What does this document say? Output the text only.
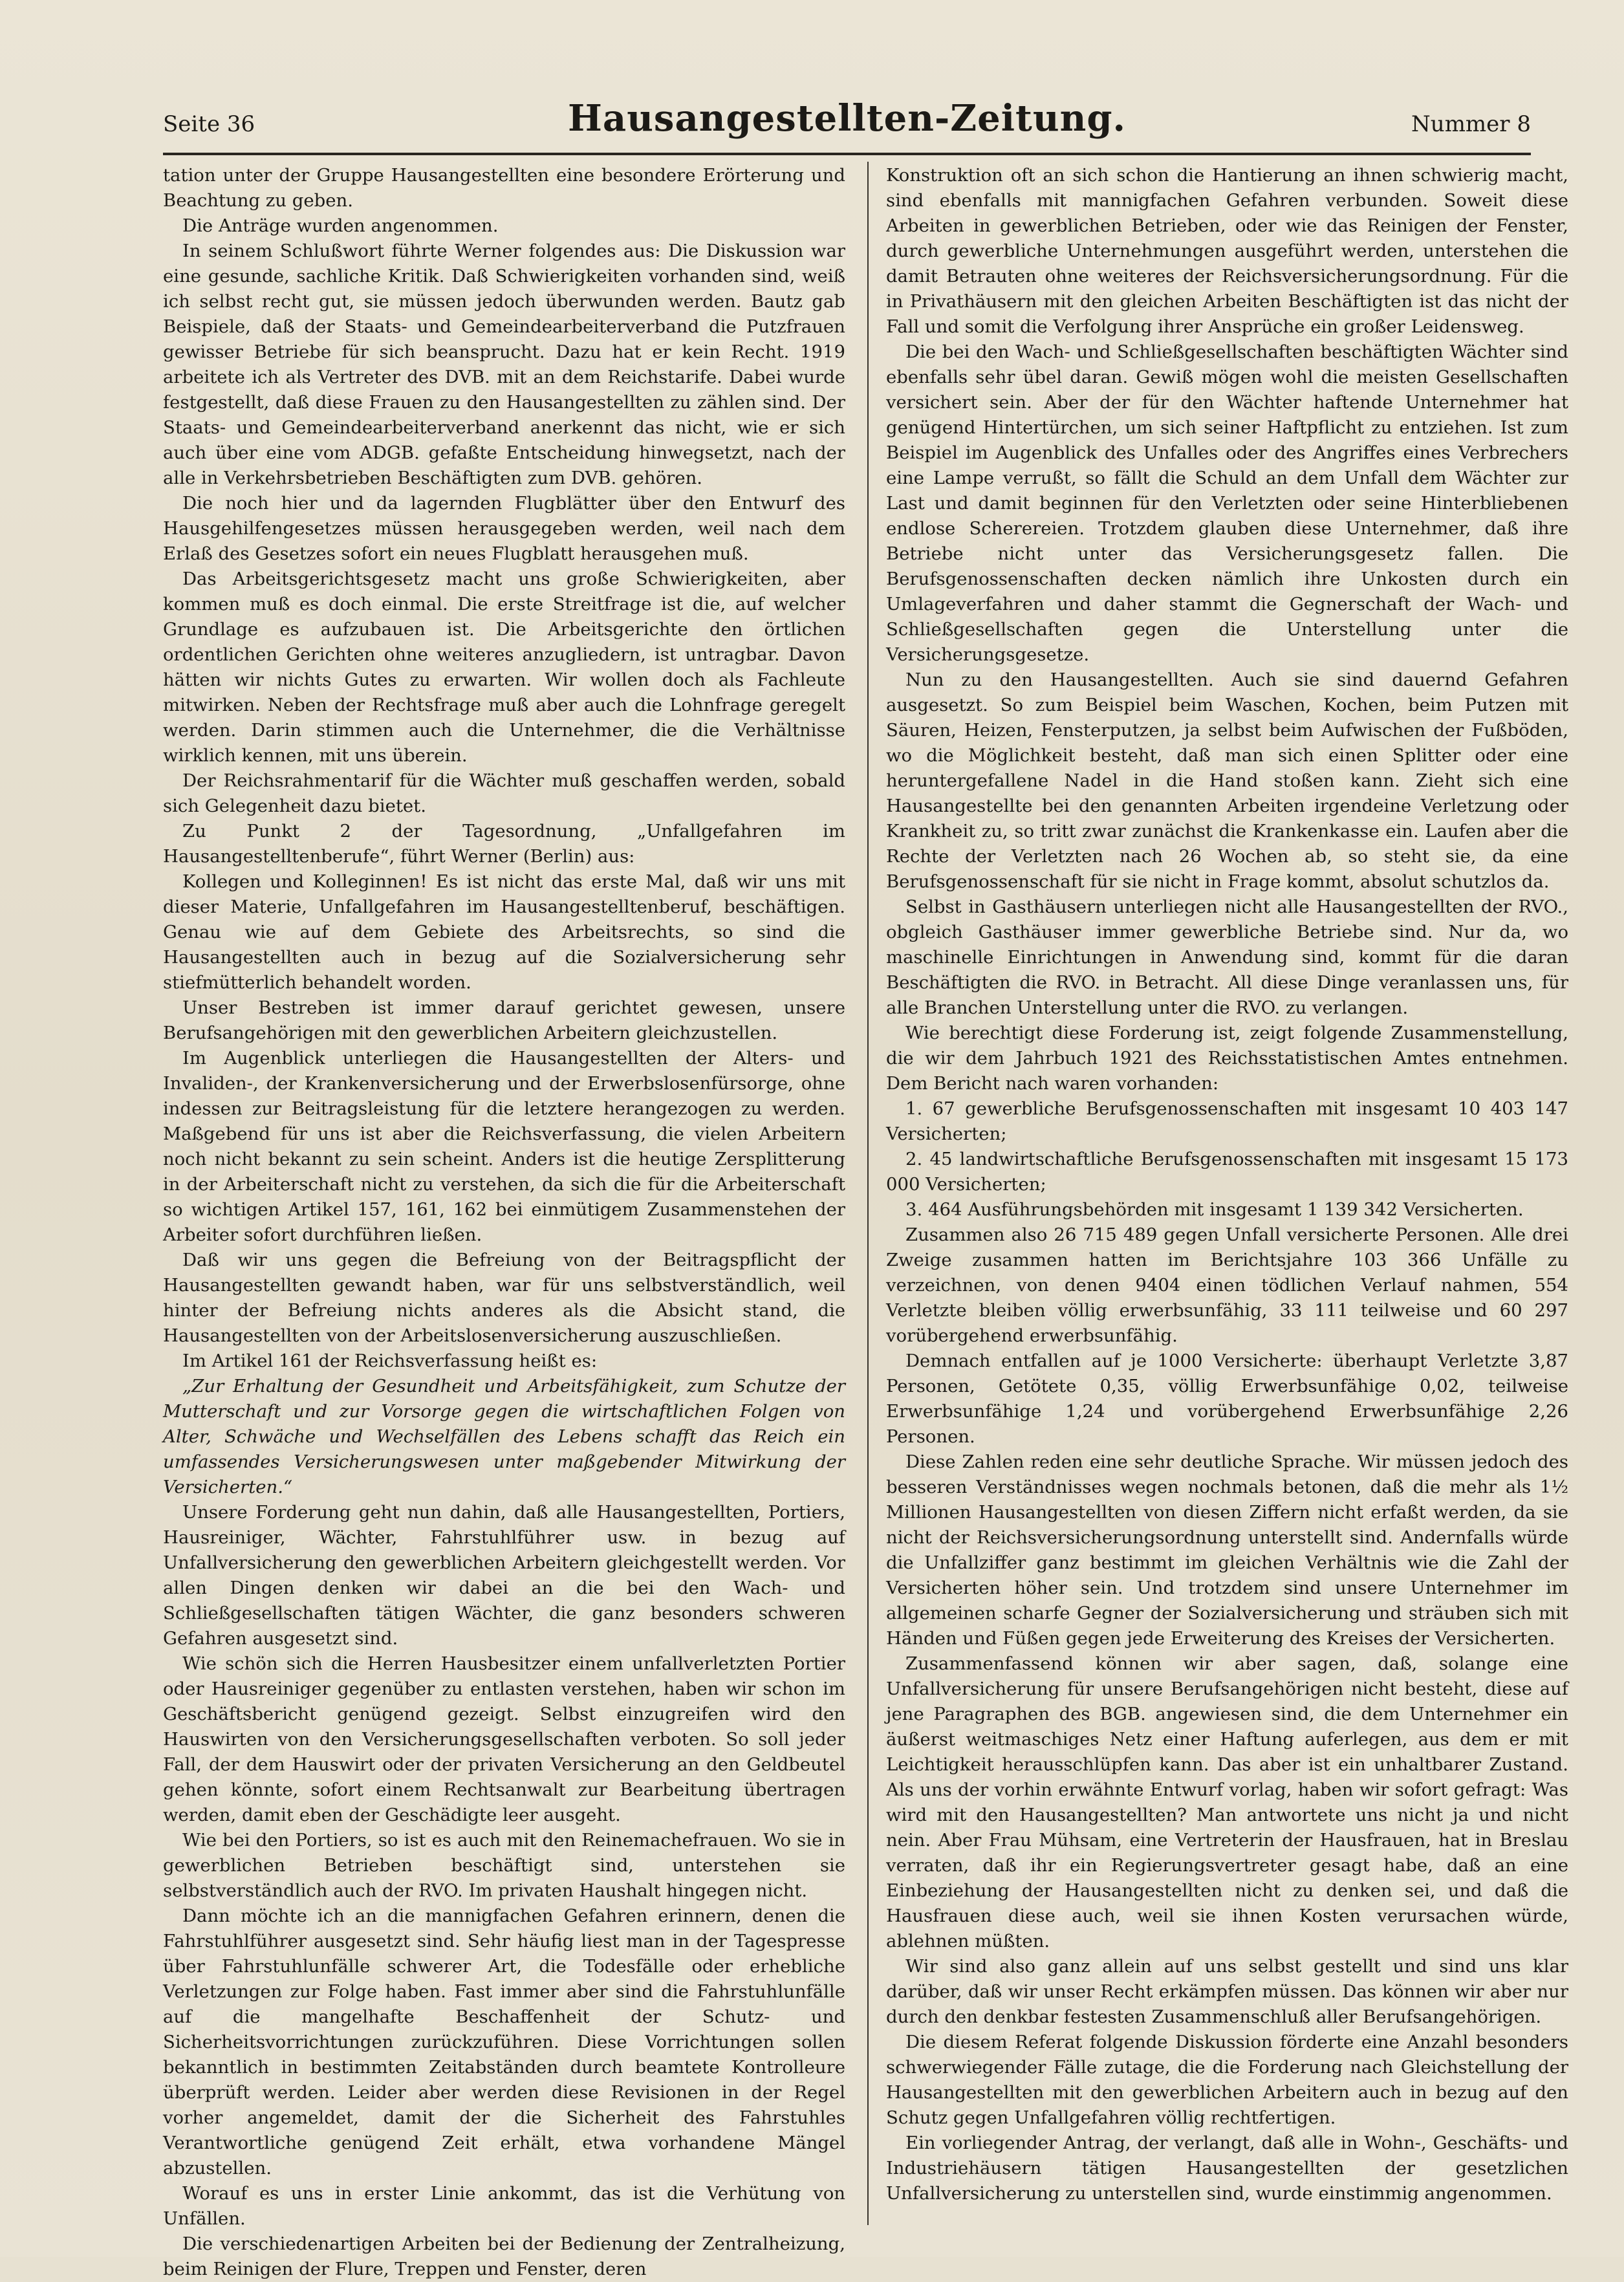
Seite 36	Hausangestellten-Zeitung.	Nummer 8

tation unter der Gruppe Hausangestellten eine besondere Erörterung und Beachtung zu geben.

Die Anträge wurden angenommen.

In seinem Schlußwort führte Werner folgendes aus: Die Diskussion war eine gesunde, sachliche Kritik. Daß Schwierigkeiten vorhanden sind, weiß ich selbst recht gut, sie müssen jedoch überwunden werden. Bautz gab Beispiele, daß der Staats- und Gemeindearbeiterverband die Putzfrauen gewisser Betriebe für sich beansprucht. Dazu hat er kein Recht. 1919 arbeitete ich als Vertreter des DVB. mit an dem Reichstarife. Dabei wurde festgestellt, daß diese Frauen zu den Hausangestellten zu zählen sind. Der Staats- und Gemeindearbeiterverband anerkennt das nicht, wie er sich auch über eine vom ADGB. gefaßte Entscheidung hinwegsetzt, nach der alle in Verkehrsbetrieben Beschäftigten zum DVB. gehören.

Die noch hier und da lagernden Flugblätter über den Entwurf des Hausgehilfengesetzes müssen herausgegeben werden, weil nach dem Erlaß des Gesetzes sofort ein neues Flugblatt herausgehen muß.

Das Arbeitsgerichtsgesetz macht uns große Schwierigkeiten, aber kommen muß es doch einmal. Die erste Streitfrage ist die, auf welcher Grundlage es aufzubauen ist. Die Arbeitsgerichte den örtlichen ordentlichen Gerichten ohne weiteres anzugliedern, ist untragbar. Davon hätten wir nichts Gutes zu erwarten. Wir wollen doch als Fachleute mitwirken. Neben der Rechtsfrage muß aber auch die Lohnfrage geregelt werden. Darin stimmen auch die Unternehmer, die die Verhältnisse wirklich kennen, mit uns überein.

Der Reichsrahmentarif für die Wächter muß geschaffen werden, sobald sich Gelegenheit dazu bietet.

Zu Punkt 2 der Tagesordnung, „Unfallgefahren im Hausangestelltenberufe“, führt Werner (Berlin) aus:

Kollegen und Kolleginnen! Es ist nicht das erste Mal, daß wir uns mit dieser Materie, Unfallgefahren im Hausangestelltenberuf, beschäftigen. Genau wie auf dem Gebiete des Arbeitsrechts, so sind die Hausangestellten auch in bezug auf die Sozialversicherung sehr stiefmütterlich behandelt worden.

Unser Bestreben ist immer darauf gerichtet gewesen, unsere Berufsangehörigen mit den gewerblichen Arbeitern gleichzustellen.

Im Augenblick unterliegen die Hausangestellten der Alters- und Invaliden-, der Krankenversicherung und der Erwerbslosenfürsorge, ohne indessen zur Beitragsleistung für die letztere herangezogen zu werden. Maßgebend für uns ist aber die Reichsverfassung, die vielen Arbeitern noch nicht bekannt zu sein scheint. Anders ist die heutige Zersplitterung in der Arbeiterschaft nicht zu verstehen, da sich die für die Arbeiterschaft so wichtigen Artikel 157, 161, 162 bei einmütigem Zusammenstehen der Arbeiter sofort durchführen ließen.

Daß wir uns gegen die Befreiung von der Beitragspflicht der Hausangestellten gewandt haben, war für uns selbstverständlich, weil hinter der Befreiung nichts anderes als die Absicht stand, die Hausangestellten von der Arbeitslosenversicherung auszuschließen.

Im Artikel 161 der Reichsverfassung heißt es:

„Zur Erhaltung der Gesundheit und Arbeitsfähigkeit, zum Schutze der Mutterschaft und zur Vorsorge gegen die wirtschaftlichen Folgen von Alter, Schwäche und Wechselfällen des Lebens schafft das Reich ein umfassendes Versicherungswesen unter maßgebender Mitwirkung der Versicherten.“

Unsere Forderung geht nun dahin, daß alle Hausangestellten, Portiers, Hausreiniger, Wächter, Fahrstuhlführer usw. in bezug auf Unfallversicherung den gewerblichen Arbeitern gleichgestellt werden. Vor allen Dingen denken wir dabei an die bei den Wach- und Schließgesellschaften tätigen Wächter, die ganz besonders schweren Gefahren ausgesetzt sind.

Wie schön sich die Herren Hausbesitzer einem unfallverletzten Portier oder Hausreiniger gegenüber zu entlasten verstehen, haben wir schon im Geschäftsbericht genügend gezeigt. Selbst einzugreifen wird den Hauswirten von den Versicherungsgesellschaften verboten. So soll jeder Fall, der dem Hauswirt oder der privaten Versicherung an den Geldbeutel gehen könnte, sofort einem Rechtsanwalt zur Bearbeitung übertragen werden, damit eben der Geschädigte leer ausgeht.

Wie bei den Portiers, so ist es auch mit den Reinemachefrauen. Wo sie in gewerblichen Betrieben beschäftigt sind, unterstehen sie selbstverständlich auch der RVO. Im privaten Haushalt hingegen nicht.

Dann möchte ich an die mannigfachen Gefahren erinnern, denen die Fahrstuhlführer ausgesetzt sind. Sehr häufig liest man in der Tagespresse über Fahrstuhlunfälle schwerer Art, die Todesfälle oder erhebliche Verletzungen zur Folge haben. Fast immer aber sind die Fahrstuhlunfälle auf die mangelhafte Beschaffenheit der Schutz- und Sicherheitsvorrichtungen zurückzuführen. Diese Vorrichtungen sollen bekanntlich in bestimmten Zeitabständen durch beamtete Kontrolleure überprüft werden. Leider aber werden diese Revisionen in der Regel vorher angemeldet, damit der die Sicherheit des Fahrstuhles Verantwortliche genügend Zeit erhält, etwa vorhandene Mängel abzustellen.

Worauf es uns in erster Linie ankommt, das ist die Verhütung von Unfällen.

Die verschiedenartigen Arbeiten bei der Bedienung der Zentralheizung, beim Reinigen der Flure, Treppen und Fenster, deren

Konstruktion oft an sich schon die Hantierung an ihnen schwierig macht, sind ebenfalls mit mannigfachen Gefahren verbunden. Soweit diese Arbeiten in gewerblichen Betrieben, oder wie das Reinigen der Fenster, durch gewerbliche Unternehmungen ausgeführt werden, unterstehen die damit Betrauten ohne weiteres der Reichsversicherungsordnung. Für die in Privathäusern mit den gleichen Arbeiten Beschäftigten ist das nicht der Fall und somit die Verfolgung ihrer Ansprüche ein großer Leidensweg.

Die bei den Wach- und Schließgesellschaften beschäftigten Wächter sind ebenfalls sehr übel daran. Gewiß mögen wohl die meisten Gesellschaften versichert sein. Aber der für den Wächter haftende Unternehmer hat genügend Hintertürchen, um sich seiner Haftpflicht zu entziehen. Ist zum Beispiel im Augenblick des Unfalles oder des Angriffes eines Verbrechers eine Lampe verrußt, so fällt die Schuld an dem Unfall dem Wächter zur Last und damit beginnen für den Verletzten oder seine Hinterbliebenen endlose Scherereien. Trotzdem glauben diese Unternehmer, daß ihre Betriebe nicht unter das Versicherungsgesetz fallen. Die Berufsgenossenschaften decken nämlich ihre Unkosten durch ein Umlageverfahren und daher stammt die Gegnerschaft der Wach- und Schließgesellschaften gegen die Unterstellung unter die Versicherungsgesetze.

Nun zu den Hausangestellten. Auch sie sind dauernd Gefahren ausgesetzt. So zum Beispiel beim Waschen, Kochen, beim Putzen mit Säuren, Heizen, Fensterputzen, ja selbst beim Aufwischen der Fußböden, wo die Möglichkeit besteht, daß man sich einen Splitter oder eine heruntergefallene Nadel in die Hand stoßen kann. Zieht sich eine Hausangestellte bei den genannten Arbeiten irgendeine Verletzung oder Krankheit zu, so tritt zwar zunächst die Krankenkasse ein. Laufen aber die Rechte der Verletzten nach 26 Wochen ab, so steht sie, da eine Berufsgenossenschaft für sie nicht in Frage kommt, absolut schutzlos da.

Selbst in Gasthäusern unterliegen nicht alle Hausangestellten der RVO., obgleich Gasthäuser immer gewerbliche Betriebe sind. Nur da, wo maschinelle Einrichtungen in Anwendung sind, kommt für die daran Beschäftigten die RVO. in Betracht. All diese Dinge veranlassen uns, für alle Branchen Unterstellung unter die RVO. zu verlangen.

Wie berechtigt diese Forderung ist, zeigt folgende Zusammenstellung, die wir dem Jahrbuch 1921 des Reichsstatistischen Amtes entnehmen. Dem Bericht nach waren vorhanden:

1. 67 gewerbliche Berufsgenossenschaften mit insgesamt 10 403 147 Versicherten;

2. 45 landwirtschaftliche Berufsgenossenschaften mit insgesamt 15 173 000 Versicherten;

3. 464 Ausführungsbehörden mit insgesamt 1 139 342 Versicherten.

Zusammen also 26 715 489 gegen Unfall versicherte Personen. Alle drei Zweige zusammen hatten im Berichtsjahre 103 366 Unfälle zu verzeichnen, von denen 9404 einen tödlichen Verlauf nahmen, 554 Verletzte bleiben völlig erwerbsunfähig, 33 111 teilweise und 60 297 vorübergehend erwerbsunfähig.

Demnach entfallen auf je 1000 Versicherte: überhaupt Verletzte 3,87 Personen, Getötete 0,35, völlig Erwerbsunfähige 0,02, teilweise Erwerbsunfähige 1,24 und vorübergehend Erwerbsunfähige 2,26 Personen.

Diese Zahlen reden eine sehr deutliche Sprache. Wir müssen jedoch des besseren Verständnisses wegen nochmals betonen, daß die mehr als 1½ Millionen Hausangestellten von diesen Ziffern nicht erfaßt werden, da sie nicht der Reichsversicherungsordnung unterstellt sind. Andernfalls würde die Unfallziffer ganz bestimmt im gleichen Verhältnis wie die Zahl der Versicherten höher sein. Und trotzdem sind unsere Unternehmer im allgemeinen scharfe Gegner der Sozialversicherung und sträuben sich mit Händen und Füßen gegen jede Erweiterung des Kreises der Versicherten.

Zusammenfassend können wir aber sagen, daß, solange eine Unfallversicherung für unsere Berufsangehörigen nicht besteht, diese auf jene Paragraphen des BGB. angewiesen sind, die dem Unternehmer ein äußerst weitmaschiges Netz einer Haftung auferlegen, aus dem er mit Leichtigkeit herausschlüpfen kann. Das aber ist ein unhaltbarer Zustand. Als uns der vorhin erwähnte Entwurf vorlag, haben wir sofort gefragt: Was wird mit den Hausangestellten? Man antwortete uns nicht ja und nicht nein. Aber Frau Mühsam, eine Vertreterin der Hausfrauen, hat in Breslau verraten, daß ihr ein Regierungsvertreter gesagt habe, daß an eine Einbeziehung der Hausangestellten nicht zu denken sei, und daß die Hausfrauen diese auch, weil sie ihnen Kosten verursachen würde, ablehnen müßten.

Wir sind also ganz allein auf uns selbst gestellt und sind uns klar darüber, daß wir unser Recht erkämpfen müssen. Das können wir aber nur durch den denkbar festesten Zusammenschluß aller Berufsangehörigen.

Die diesem Referat folgende Diskussion förderte eine Anzahl besonders schwerwiegender Fälle zutage, die die Forderung nach Gleichstellung der Hausangestellten mit den gewerblichen Arbeitern auch in bezug auf den Schutz gegen Unfallgefahren völlig rechtfertigen.

Ein vorliegender Antrag, der verlangt, daß alle in Wohn-, Geschäfts- und Industriehäusern tätigen Hausangestellten der gesetzlichen Unfallversicherung zu unterstellen sind, wurde einstimmig angenommen.
